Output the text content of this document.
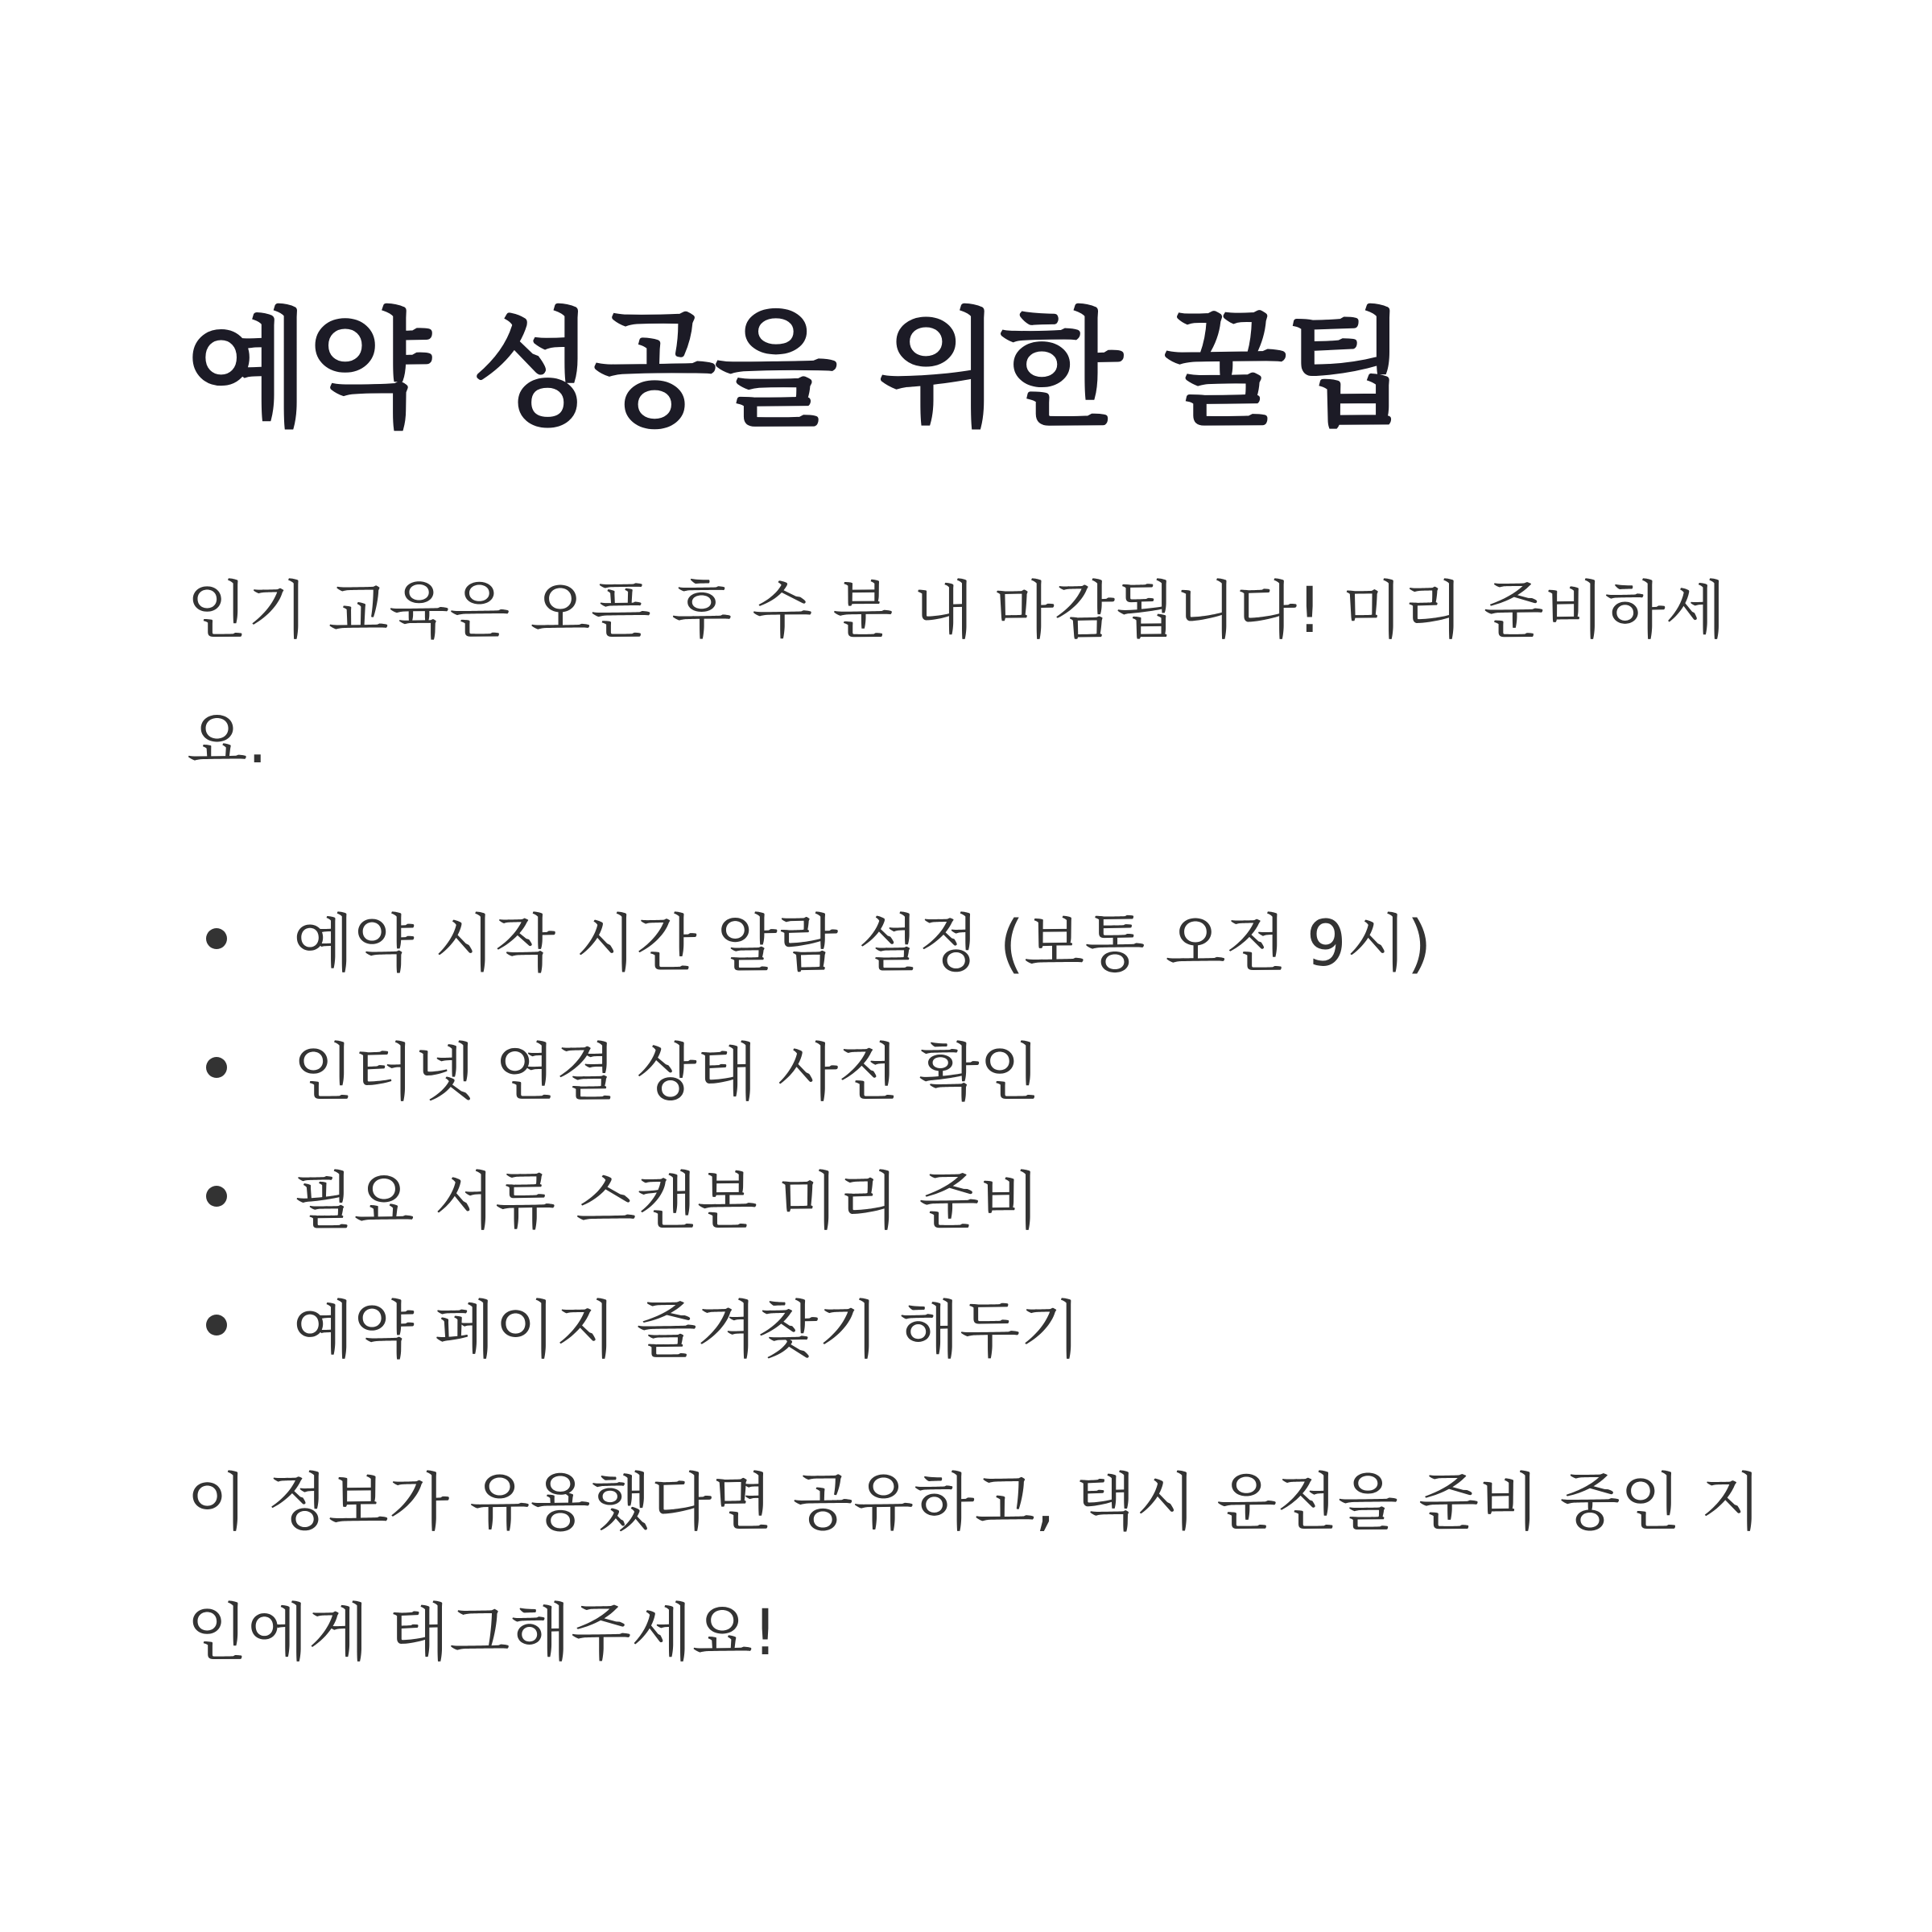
예약 성공을 위한 꿀팁

인기 교육은 오픈 후 수 분 내 마감됩니다! 미리 준비하세요.

예약 시작 시간 알람 설정 (보통 오전 9시)
인터넷 연결 상태 사전 확인
필요 서류 스캔본 미리 준비
예약 페이지 즐겨찾기 해두기

이 정보가 유용했다면 공유하고, 택시 운전을 준비 중인 지인에게 태그해주세요!
